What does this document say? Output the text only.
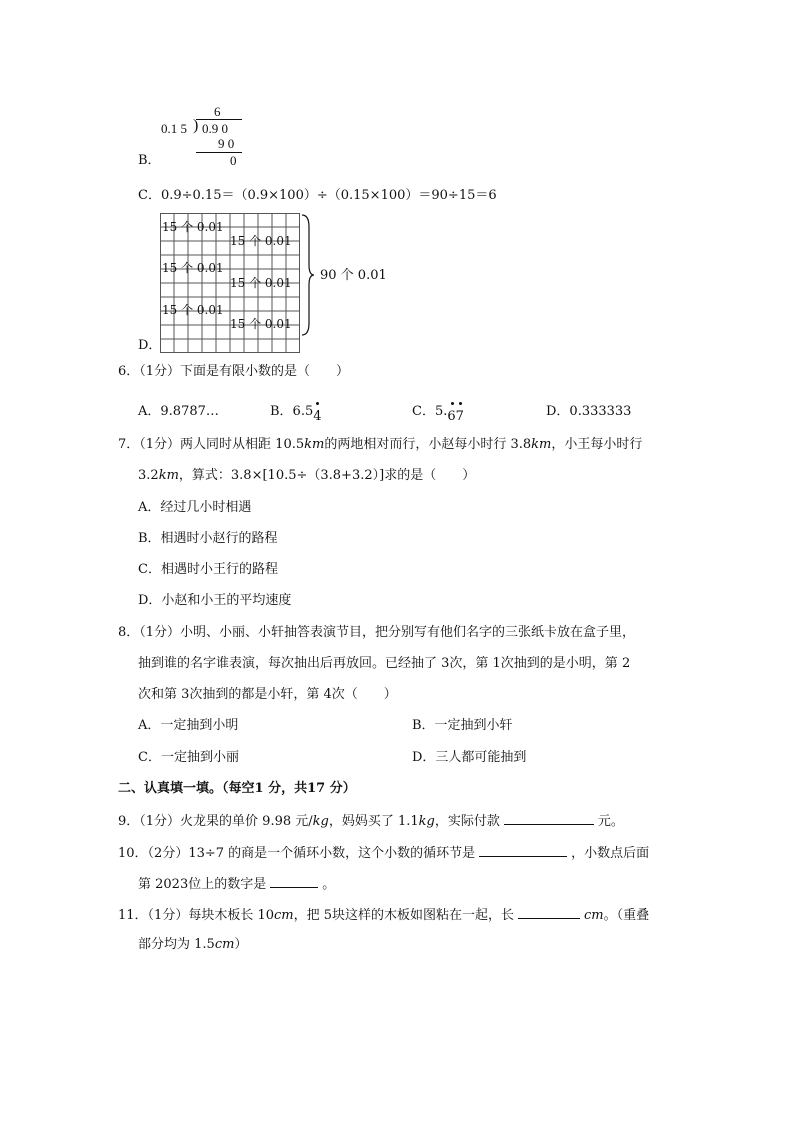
B．
6
0.1 5 ) 0.9 0
9 0
0
C．0.9÷0.15＝（0.9×100）÷（0.15×100）＝90÷15＝6
D．
15 个 0.01
15 个 0.01
15 个 0.01
15 个 0.01
15 个 0.01
15 个 0.01
90 个 0.01
6．（1分）下面是有限小数的是（　　）
A．9.8787…	B．6.5
4	C．5.
6
7	D．0.333333
7．（1分）两人同时从相距 10.5km的两地相对而行，小赵每小时行 3.8km，小王每小时行
3.2km，算式：3.8×[10.5÷（3.8+3.2）]求的是（　　）
A．经过几小时相遇
B．相遇时小赵行的路程
C．相遇时小王行的路程
D．小赵和小王的平均速度
8．（1分）小明、小丽、小轩抽答表演节目，把分别写有他们名字的三张纸卡放在盒子里，
抽到谁的名字谁表演，每次抽出后再放回。已经抽了 3次，第 1次抽到的是小明，第 2
次和第 3次抽到的都是小轩，第 4次（　　）
A．一定抽到小明	B．一定抽到小轩
C．一定抽到小丽	D．三人都可能抽到
二、认真填一填。（每空1 分，共17 分）
9．（1分）火龙果的单价 9.98 元/kg，妈妈买了 1.1kg，实际付款	元。
10．（2分）13÷7 的商是一个循环小数，这个小数的循环节是	，小数点后面
第 2023位上的数字是	。
11．（1分）每块木板长 10cm，把 5块这样的木板如图粘在一起，长	cm。（重叠
部分均为 1.5cm）
